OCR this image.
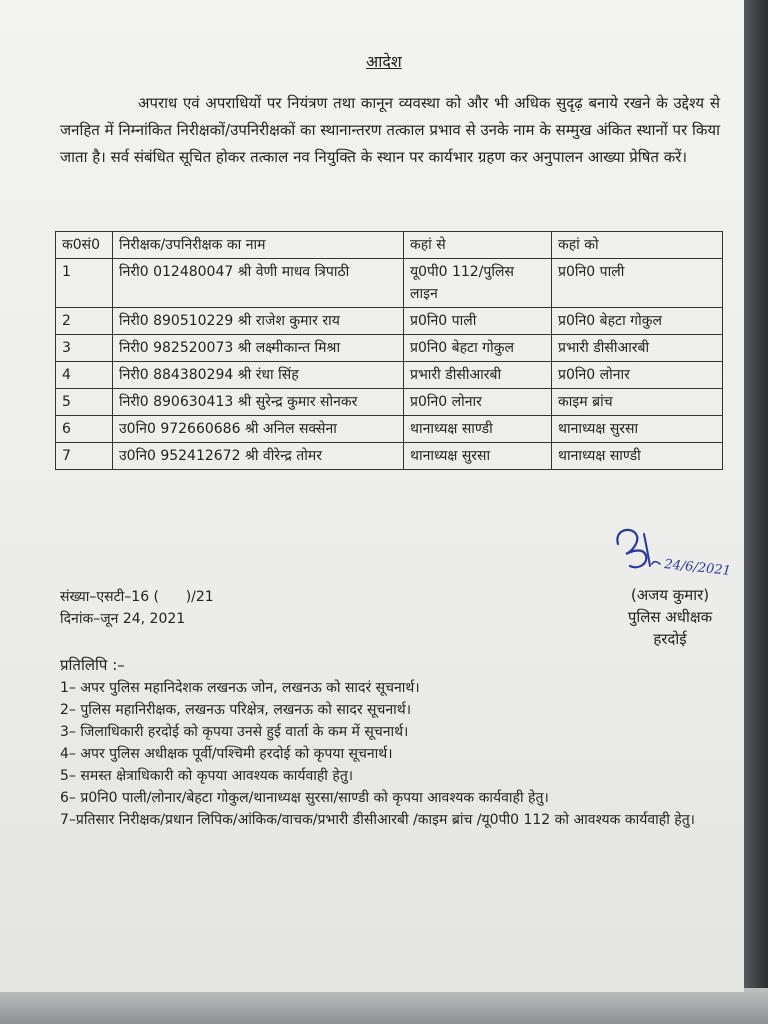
आदेश
अपराध एवं अपराधियों पर नियंत्रण तथा कानून व्यवस्था को और भी अधिक सुदृढ़ बनाये रखने के उद्देश्य से जनहित में निम्नांकित निरीक्षकों/उपनिरीक्षकों का स्थानान्तरण तत्काल प्रभाव से उनके नाम के सम्मुख अंकित स्थानों पर किया जाता है। सर्व संबंधित सूचित होकर तत्काल नव नियुक्ति के स्थान पर कार्यभार ग्रहण कर अनुपालन आख्या प्रेषित करें।
क0सं0	निरीक्षक/उपनिरीक्षक का नाम	कहां से	कहां को
1	निरी0 012480047 श्री वेणी माधव त्रिपाठी	यू0पी0 112/पुलिस लाइन	प्र0नि0 पाली
2	निरी0 890510229 श्री राजेश कुमार राय	प्र0नि0 पाली	प्र0नि0 बेहटा गोकुल
3	निरी0 982520073 श्री लक्ष्मीकान्त मिश्रा	प्र0नि0 बेहटा गोकुल	प्रभारी डीसीआरबी
4	निरी0 884380294 श्री रंधा सिंह	प्रभारी डीसीआरबी	प्र0नि0 लोनार
5	निरी0 890630413 श्री सुरेन्द्र कुमार सोनकर	प्र0नि0 लोनार	काइम ब्रांच
6	उ0नि0 972660686 श्री अनिल सक्सेना	थानाध्यक्ष साण्डी	थानाध्यक्ष सुरसा
7	उ0नि0 952412672 श्री वीरेन्द्र तोमर	थानाध्यक्ष सुरसा	थानाध्यक्ष साण्डी
24/6/2021
(अजय कुमार)
पुलिस अधीक्षक
हरदोई
संख्या–एसटी–16 (      )/21
दिनांक–जून 24, 2021
प्रतिलिपि :–
1– अपर पुलिस महानिदेशक लखनऊ जोन, लखनऊ को सादरं सूचनार्थ।
2– पुलिस महानिरीक्षक, लखनऊ परिक्षेत्र, लखनऊ को सादर सूचनार्थ।
3– जिलाधिकारी हरदोई को कृपया उनसे हुई वार्ता के कम में सूचनार्थ।
4– अपर पुलिस अधीक्षक पूर्वी/पश्चिमी हरदोई को कृपया सूचनार्थ।
5– समस्त क्षेत्राधिकारी को कृपया आवश्यक कार्यवाही हेतु।
6– प्र0नि0 पाली/लोनार/बेहटा गोकुल/थानाध्यक्ष सुरसा/साण्डी को कृपया आवश्यक कार्यवाही हेतु।
7–प्रतिसार निरीक्षक/प्रधान लिपिक/आंकिक/वाचक/प्रभारी डीसीआरबी /काइम ब्रांच /यू0पी0 112 को आवश्यक कार्यवाही हेतु।
